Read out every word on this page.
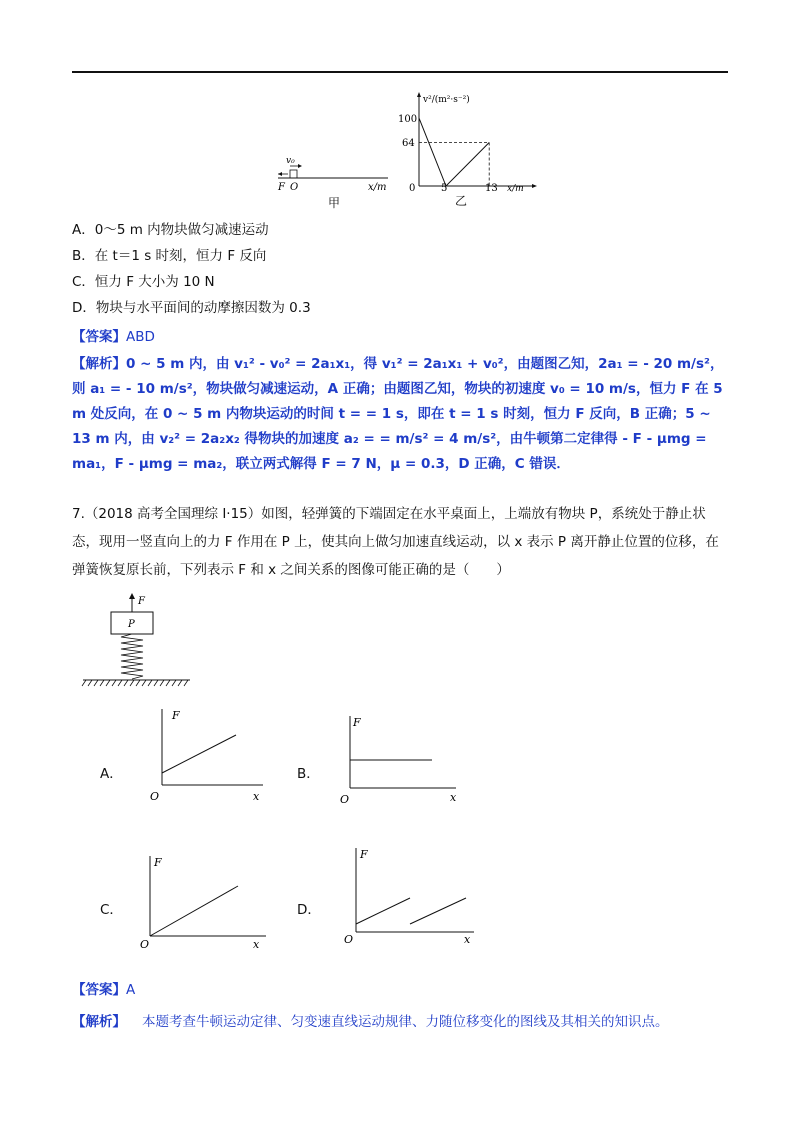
v₀
F O	x/m
甲
v²/(m²·s⁻²)
x/m
100
64
0	5	13
乙
A．0～5 m 内物块做匀减速运动
B．在 t＝1 s 时刻，恒力 F 反向
C．恒力 F 大小为 10 N
D．物块与水平面间的动摩擦因数为 0.3
【答案】ABD
【解析】0 ~ 5 m 内，由 v₁² - v₀² = 2a₁x₁，得 v₁² = 2a₁x₁ + v₀²，由题图乙知，2a₁ = - 20 m/s²，则 a₁ = - 10 m/s²，物块做匀减速运动，A 正确；由题图乙知，物块的初速度 v₀ = 10 m/s，恒力 F 在 5 m 处反向，在 0 ~ 5 m 内物块运动的时间 t = = 1 s，即在 t = 1 s 时刻，恒力 F 反向，B 正确；5 ~ 13 m 内，由 v₂² = 2a₂x₂ 得物块的加速度 a₂ = = m/s² = 4 m/s²，由牛顿第二定律得 - F - μmg = ma₁，F - μmg = ma₂，联立两式解得 F = 7 N，μ = 0.3，D 正确，C 错误．
7.（2018 高考全国理综 I·15）如图，轻弹簧的下端固定在水平桌面上，上端放有物块 P，系统处于静止状态，现用一竖直向上的力 F 作用在 P 上，使其向上做匀加速直线运动，以 x 表示 P 离开静止位置的位移，在弹簧恢复原长前，下列表示 F 和 x 之间关系的图像可能正确的是（　　）
F
P
A．
F
x
O
B．
F
x
O
C．
F
x
O
D．
F
x
O
【答案】A
【解析】 本题考查牛顿运动定律、匀变速直线运动规律、力随位移变化的图线及其相关的知识点。
